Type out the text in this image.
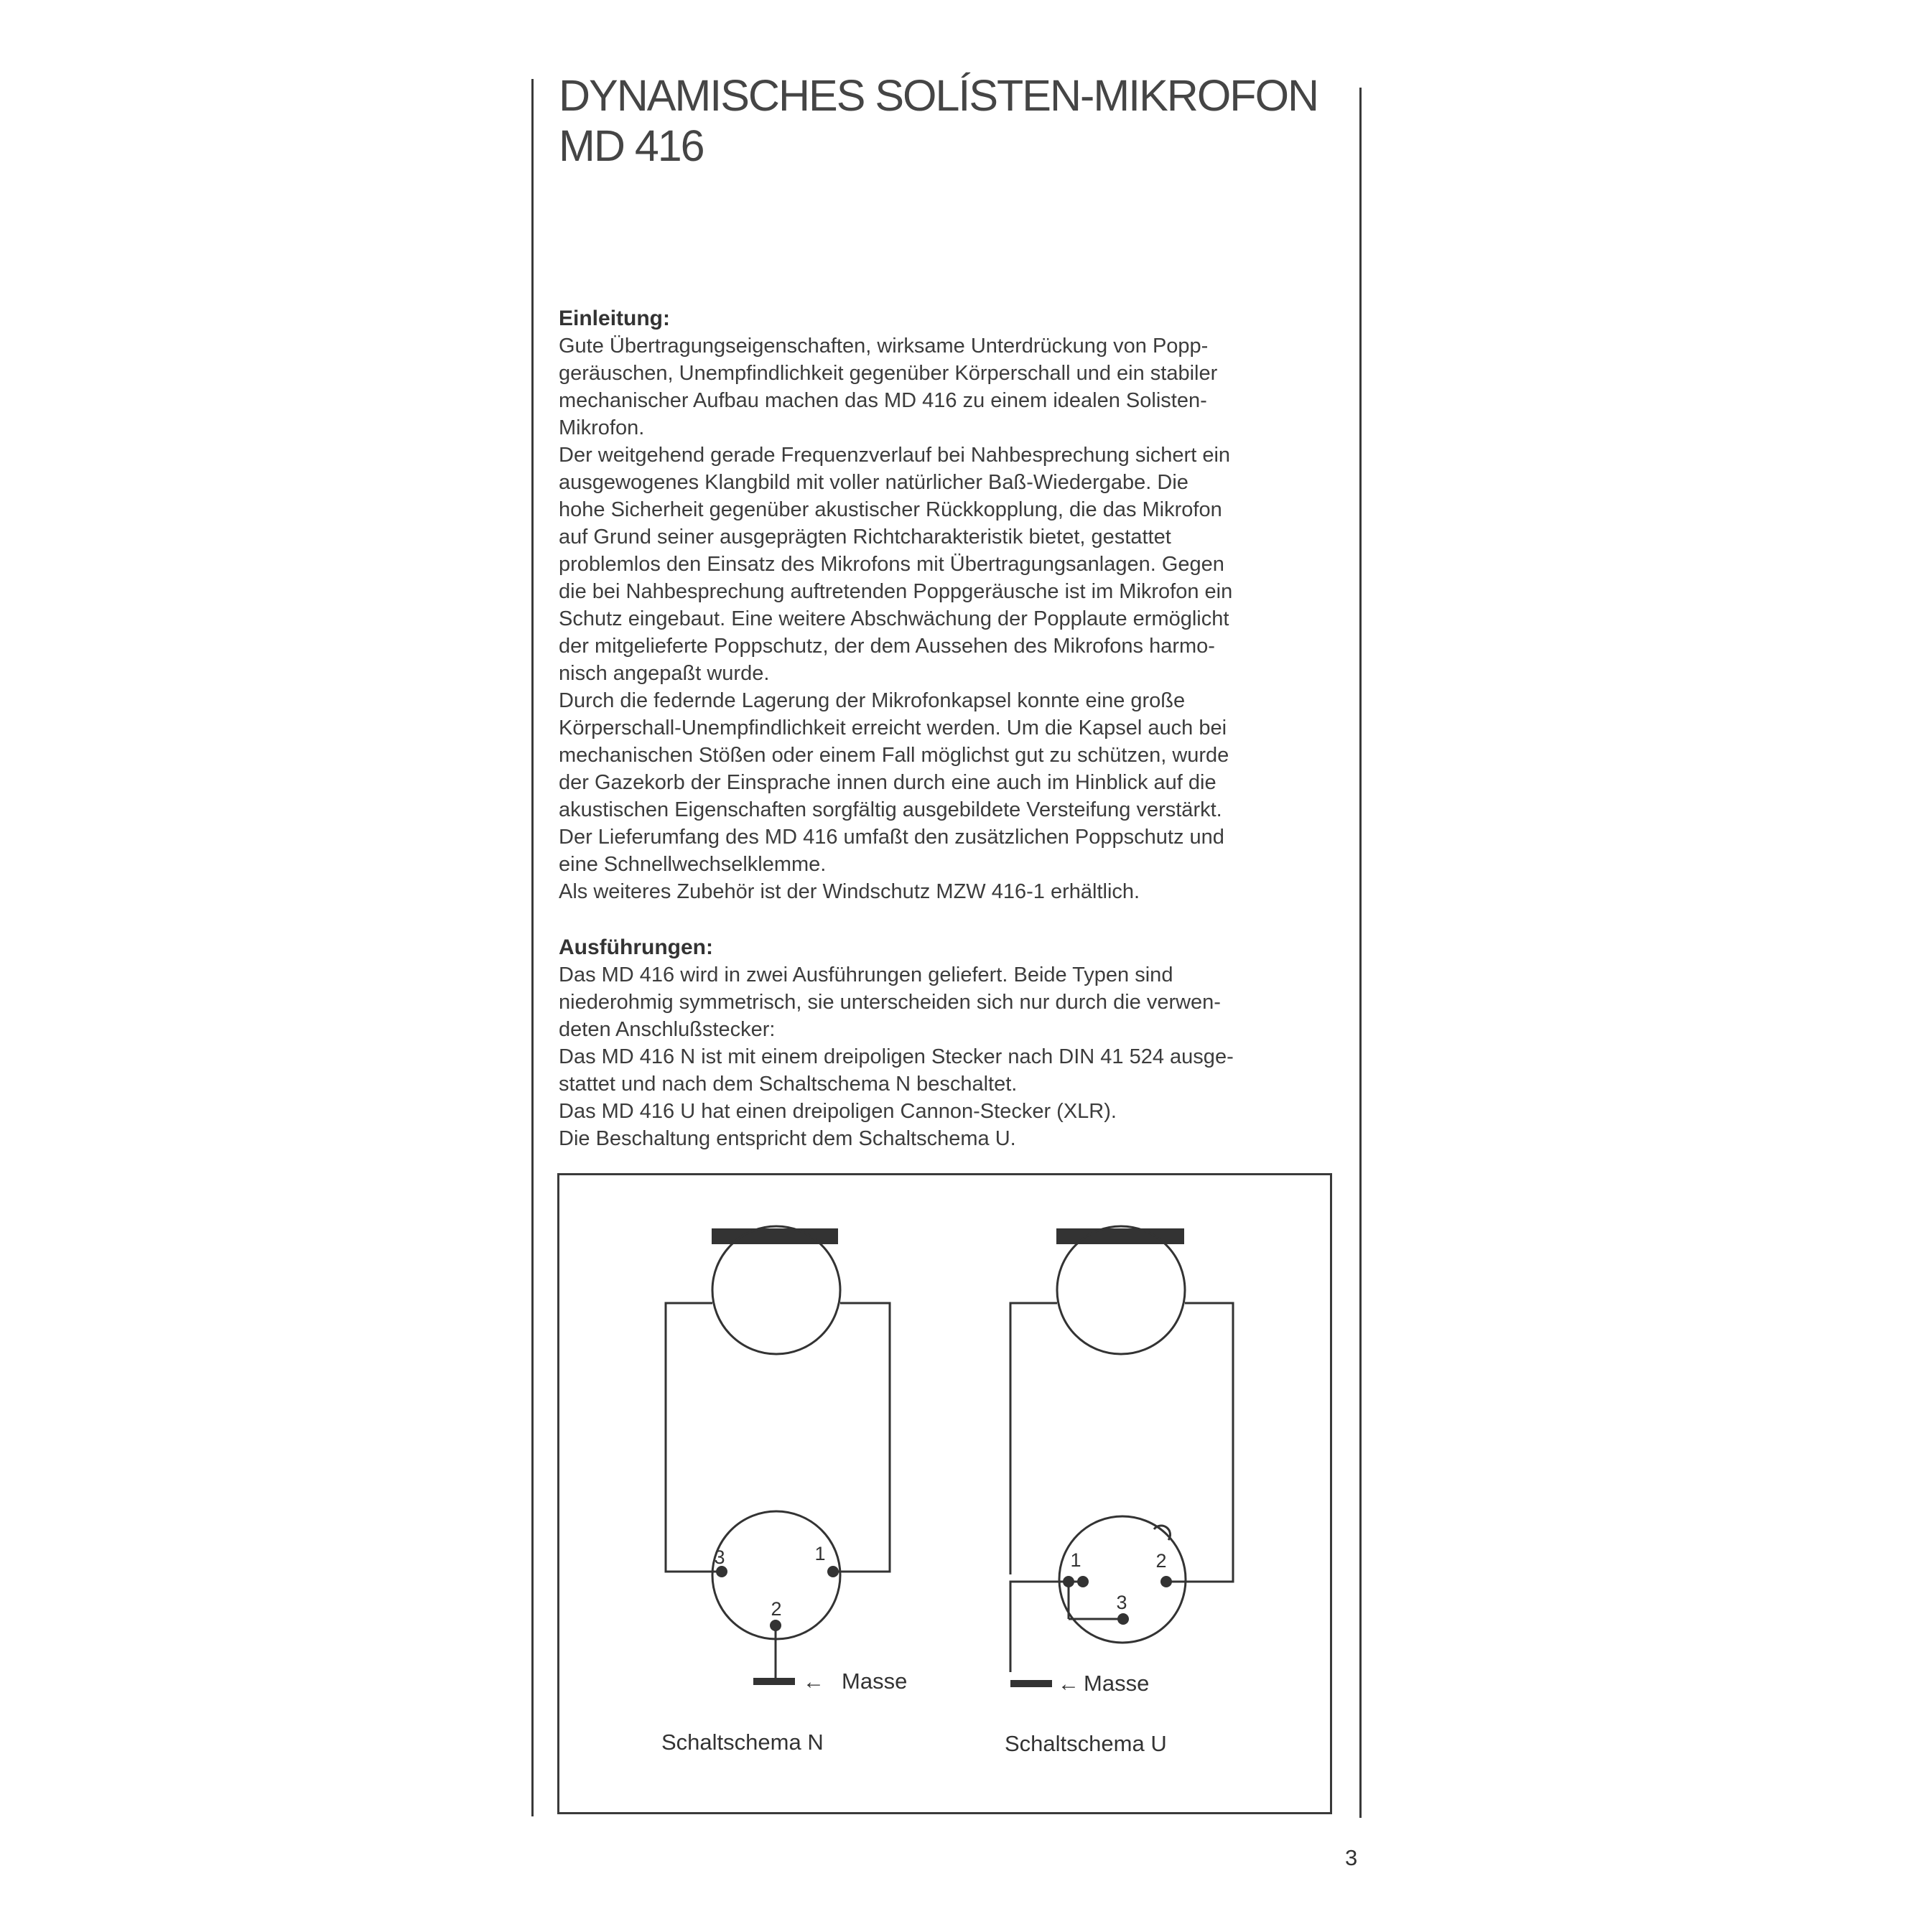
DYNAMISCHES SOLÍSTEN-MIKROFON
MD 416
Einleitung:

Gute Übertragungseigenschaften, wirksame Unterdrückung von Popp-

geräuschen, Unempfindlichkeit gegenüber Körperschall und ein stabiler

mechanischer Aufbau machen das MD 416 zu einem idealen Solisten-

Mikrofon.

Der weitgehend gerade Frequenzverlauf bei Nahbesprechung sichert ein

ausgewogenes Klangbild mit voller natürlicher Baß-Wiedergabe. Die

hohe Sicherheit gegenüber akustischer Rückkopplung, die das Mikrofon

auf Grund seiner ausgeprägten Richtcharakteristik bietet, gestattet

problemlos den Einsatz des Mikrofons mit Übertragungsanlagen. Gegen

die bei Nahbesprechung auftretenden Poppgeräusche ist im Mikrofon ein

Schutz eingebaut. Eine weitere Abschwächung der Popplaute ermöglicht

der mitgelieferte Poppschutz, der dem Aussehen des Mikrofons harmo-

nisch angepaßt wurde.

Durch die federnde Lagerung der Mikrofonkapsel konnte eine große

Körperschall-Unempfindlichkeit erreicht werden. Um die Kapsel auch bei

mechanischen Stößen oder einem Fall möglichst gut zu schützen, wurde

der Gazekorb der Einsprache innen durch eine auch im Hinblick auf die

akustischen Eigenschaften sorgfältig ausgebildete Versteifung verstärkt.

Der Lieferumfang des MD 416 umfaßt den zusätzlichen Poppschutz und

eine Schnellwechselklemme.

Als weiteres Zubehör ist der Windschutz MZW 416-1 erhältlich.

Ausführungen:

Das MD 416 wird in zwei Ausführungen geliefert. Beide Typen sind

niederohmig symmetrisch, sie unterscheiden sich nur durch die verwen-

deten Anschlußstecker:

Das MD 416 N ist mit einem dreipoligen Stecker nach DIN 41 524 ausge-

stattet und nach dem Schaltschema N beschaltet.

Das MD 416 U hat einen dreipoligen Cannon-Stecker (XLR).

Die Beschaltung entspricht dem Schaltschema U.

3	1
2
← Masse
Schaltschema N
1	2
3
← Masse
Schaltschema U
3
